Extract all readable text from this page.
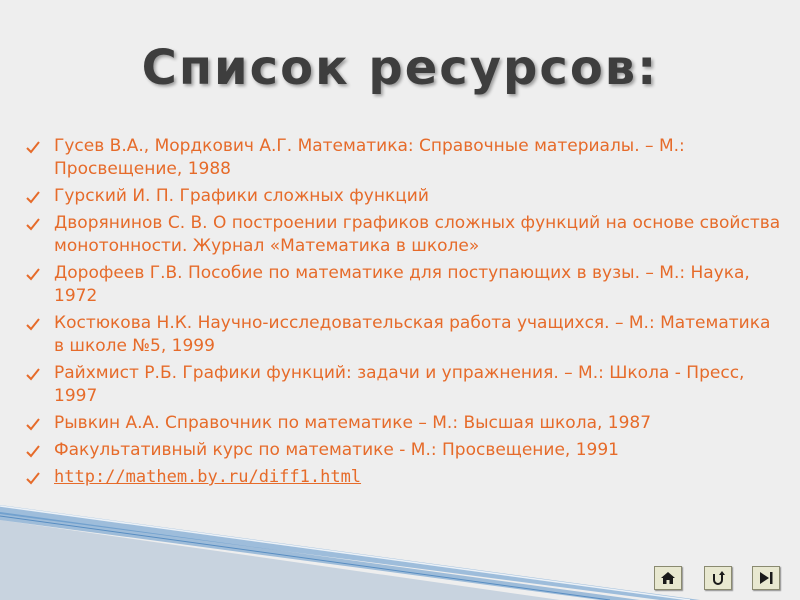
Список ресурсов:
Гусев В.А., Мордкович А.Г. Математика: Справочные материалы. – М.: Просвещение, 1988
Гурский И. П. Графики сложных функций
Дворянинов С. В. О построении графиков сложных функций на основе свойства монотонности. Журнал «Математика в школе»
Дорофеев Г.В. Пособие по математике для поступающих в вузы. – М.: Наука, 1972
Костюкова Н.К. Научно-исследовательская работа учащихся. – М.: Математика в школе №5, 1999
Райхмист Р.Б. Графики функций: задачи и упражнения. – М.: Школа - Пресс, 1997
Рывкин А.А. Справочник по математике – М.: Высшая школа, 1987
Факультативный курс по математике - М.: Просвещение, 1991
http://mathem.by.ru/diff1.html
